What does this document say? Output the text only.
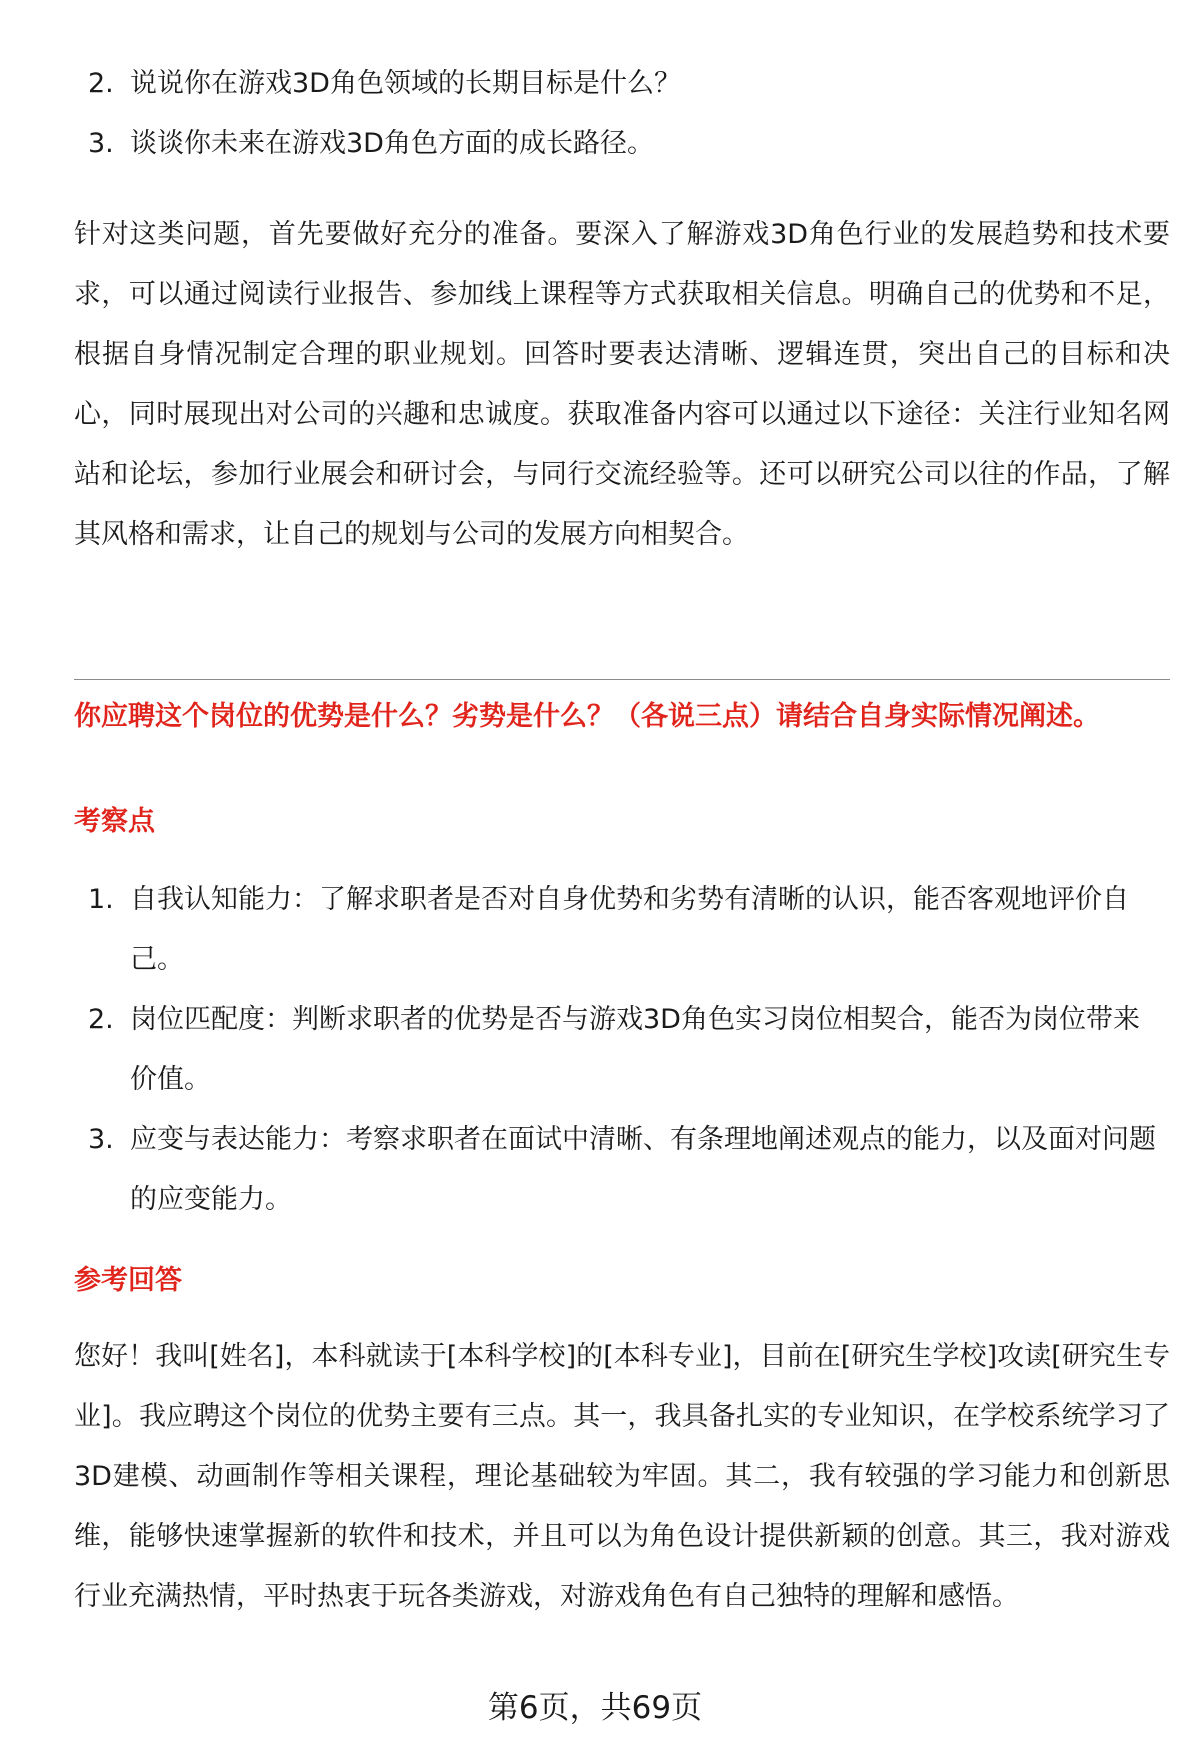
2. 说说你在游戏3D角色领域的长期目标是什么？
3. 谈谈你未来在游戏3D角色方面的成长路径。

针对这类问题，首先要做好充分的准备。要深入了解游戏3D角色行业的发展趋势和技术要求，可以通过阅读行业报告、参加线上课程等方式获取相关信息。明确自己的优势和不足，根据自身情况制定合理的职业规划。回答时要表达清晰、逻辑连贯，突出自己的目标和决心，同时展现出对公司的兴趣和忠诚度。获取准备内容可以通过以下途径：关注行业知名网站和论坛，参加行业展会和研讨会，与同行交流经验等。还可以研究公司以往的作品，了解其风格和需求，让自己的规划与公司的发展方向相契合。

你应聘这个岗位的优势是什么？劣势是什么？（各说三点）请结合自身实际情况阐述。

考察点

1. 自我认知能力：了解求职者是否对自身优势和劣势有清晰的认识，能否客观地评价自己。
2. 岗位匹配度：判断求职者的优势是否与游戏3D角色实习岗位相契合，能否为岗位带来价值。
3. 应变与表达能力：考察求职者在面试中清晰、有条理地阐述观点的能力，以及面对问题的应变能力。

参考回答

您好！我叫[姓名]，本科就读于[本科学校]的[本科专业]，目前在[研究生学校]攻读[研究生专业]。我应聘这个岗位的优势主要有三点。其一，我具备扎实的专业知识，在学校系统学习了3D建模、动画制作等相关课程，理论基础较为牢固。其二，我有较强的学习能力和创新思维，能够快速掌握新的软件和技术，并且可以为角色设计提供新颖的创意。其三，我对游戏行业充满热情，平时热衷于玩各类游戏，对游戏角色有自己独特的理解和感悟。

第6页，共69页
